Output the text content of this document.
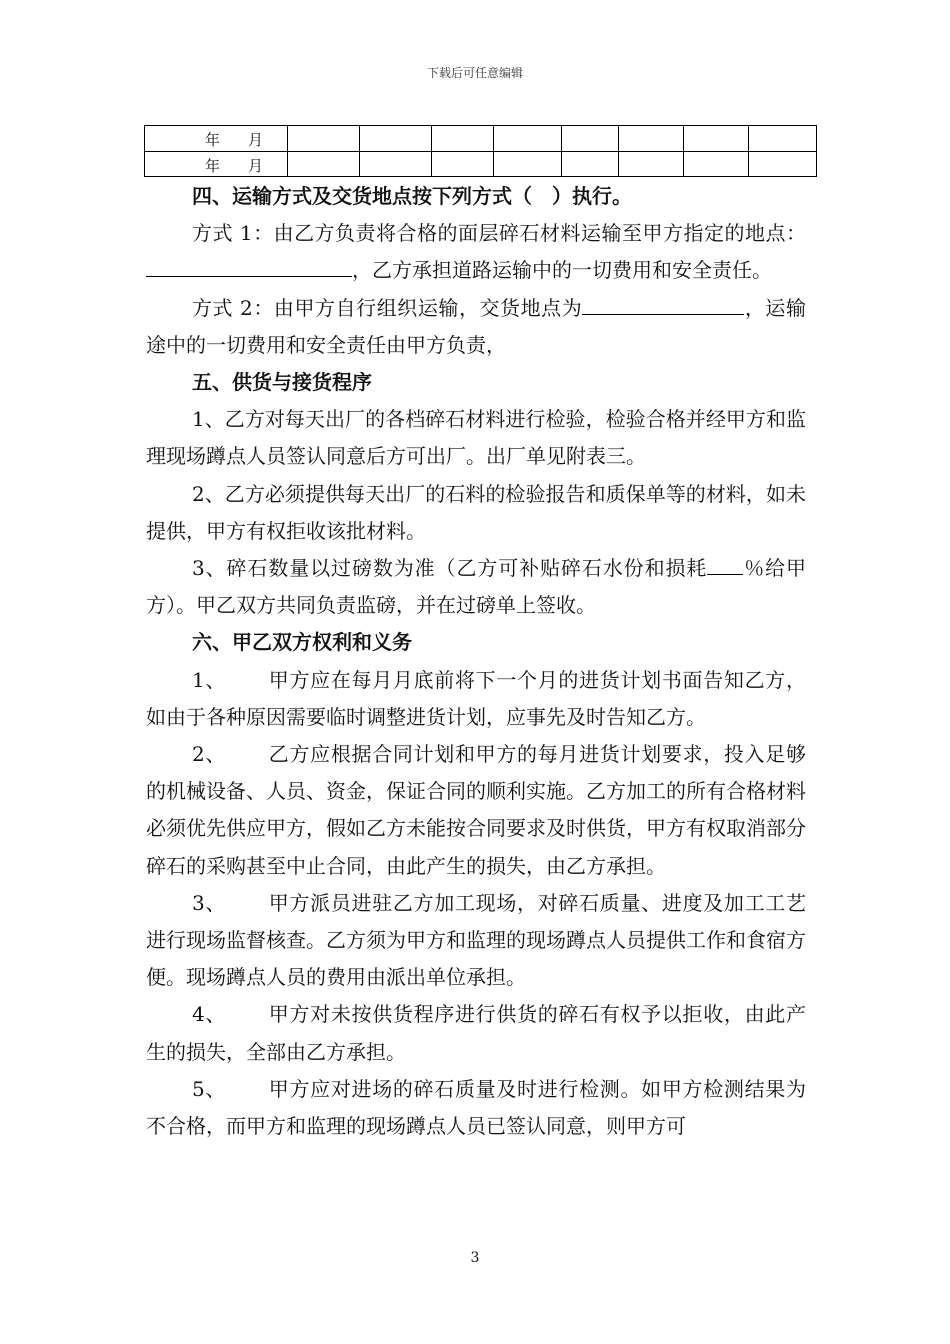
下载后可任意编辑
年 月								

年 月								

四、运输方式及交货地点按下列方式（　）执行。

方式 1：由乙方负责将合格的面层碎石材料运输至甲方指定的地点：，乙方承担道路运输中的一切费用和安全责任。

方式 2：由甲方自行组织运输，交货地点为	，运输途中的一切费用和安全责任由甲方负责，

五、供货与接货程序

1、乙方对每天出厂的各档碎石材料进行检验，检验合格并经甲方和监理现场蹲点人员签认同意后方可出厂。出厂单见附表三。

2、乙方必须提供每天出厂的石料的检验报告和质保单等的材料，如未提供，甲方有权拒收该批材料。

3、碎石数量以过磅数为准（乙方可补贴碎石水份和损耗 ％给甲方）。甲乙双方共同负责监磅，并在过磅单上签收。

六、甲乙双方权利和义务

1、 甲方应在每月月底前将下一个月的进货计划书面告知乙方，如由于各种原因需要临时调整进货计划，应事先及时告知乙方。

2、 乙方应根据合同计划和甲方的每月进货计划要求，投入足够的机械设备、人员、资金，保证合同的顺利实施。乙方加工的所有合格材料必须优先供应甲方，假如乙方未能按合同要求及时供货，甲方有权取消部分碎石的采购甚至中止合同，由此产生的损失，由乙方承担。

3、 甲方派员进驻乙方加工现场，对碎石质量、进度及加工工艺进行现场监督核查。乙方须为甲方和监理的现场蹲点人员提供工作和食宿方便。现场蹲点人员的费用由派出单位承担。

4、 甲方对未按供货程序进行供货的碎石有权予以拒收，由此产生的损失，全部由乙方承担。

5、 甲方应对进场的碎石质量及时进行检测。如甲方检测结果为不合格，而甲方和监理的现场蹲点人员已签认同意，则甲方可

3
